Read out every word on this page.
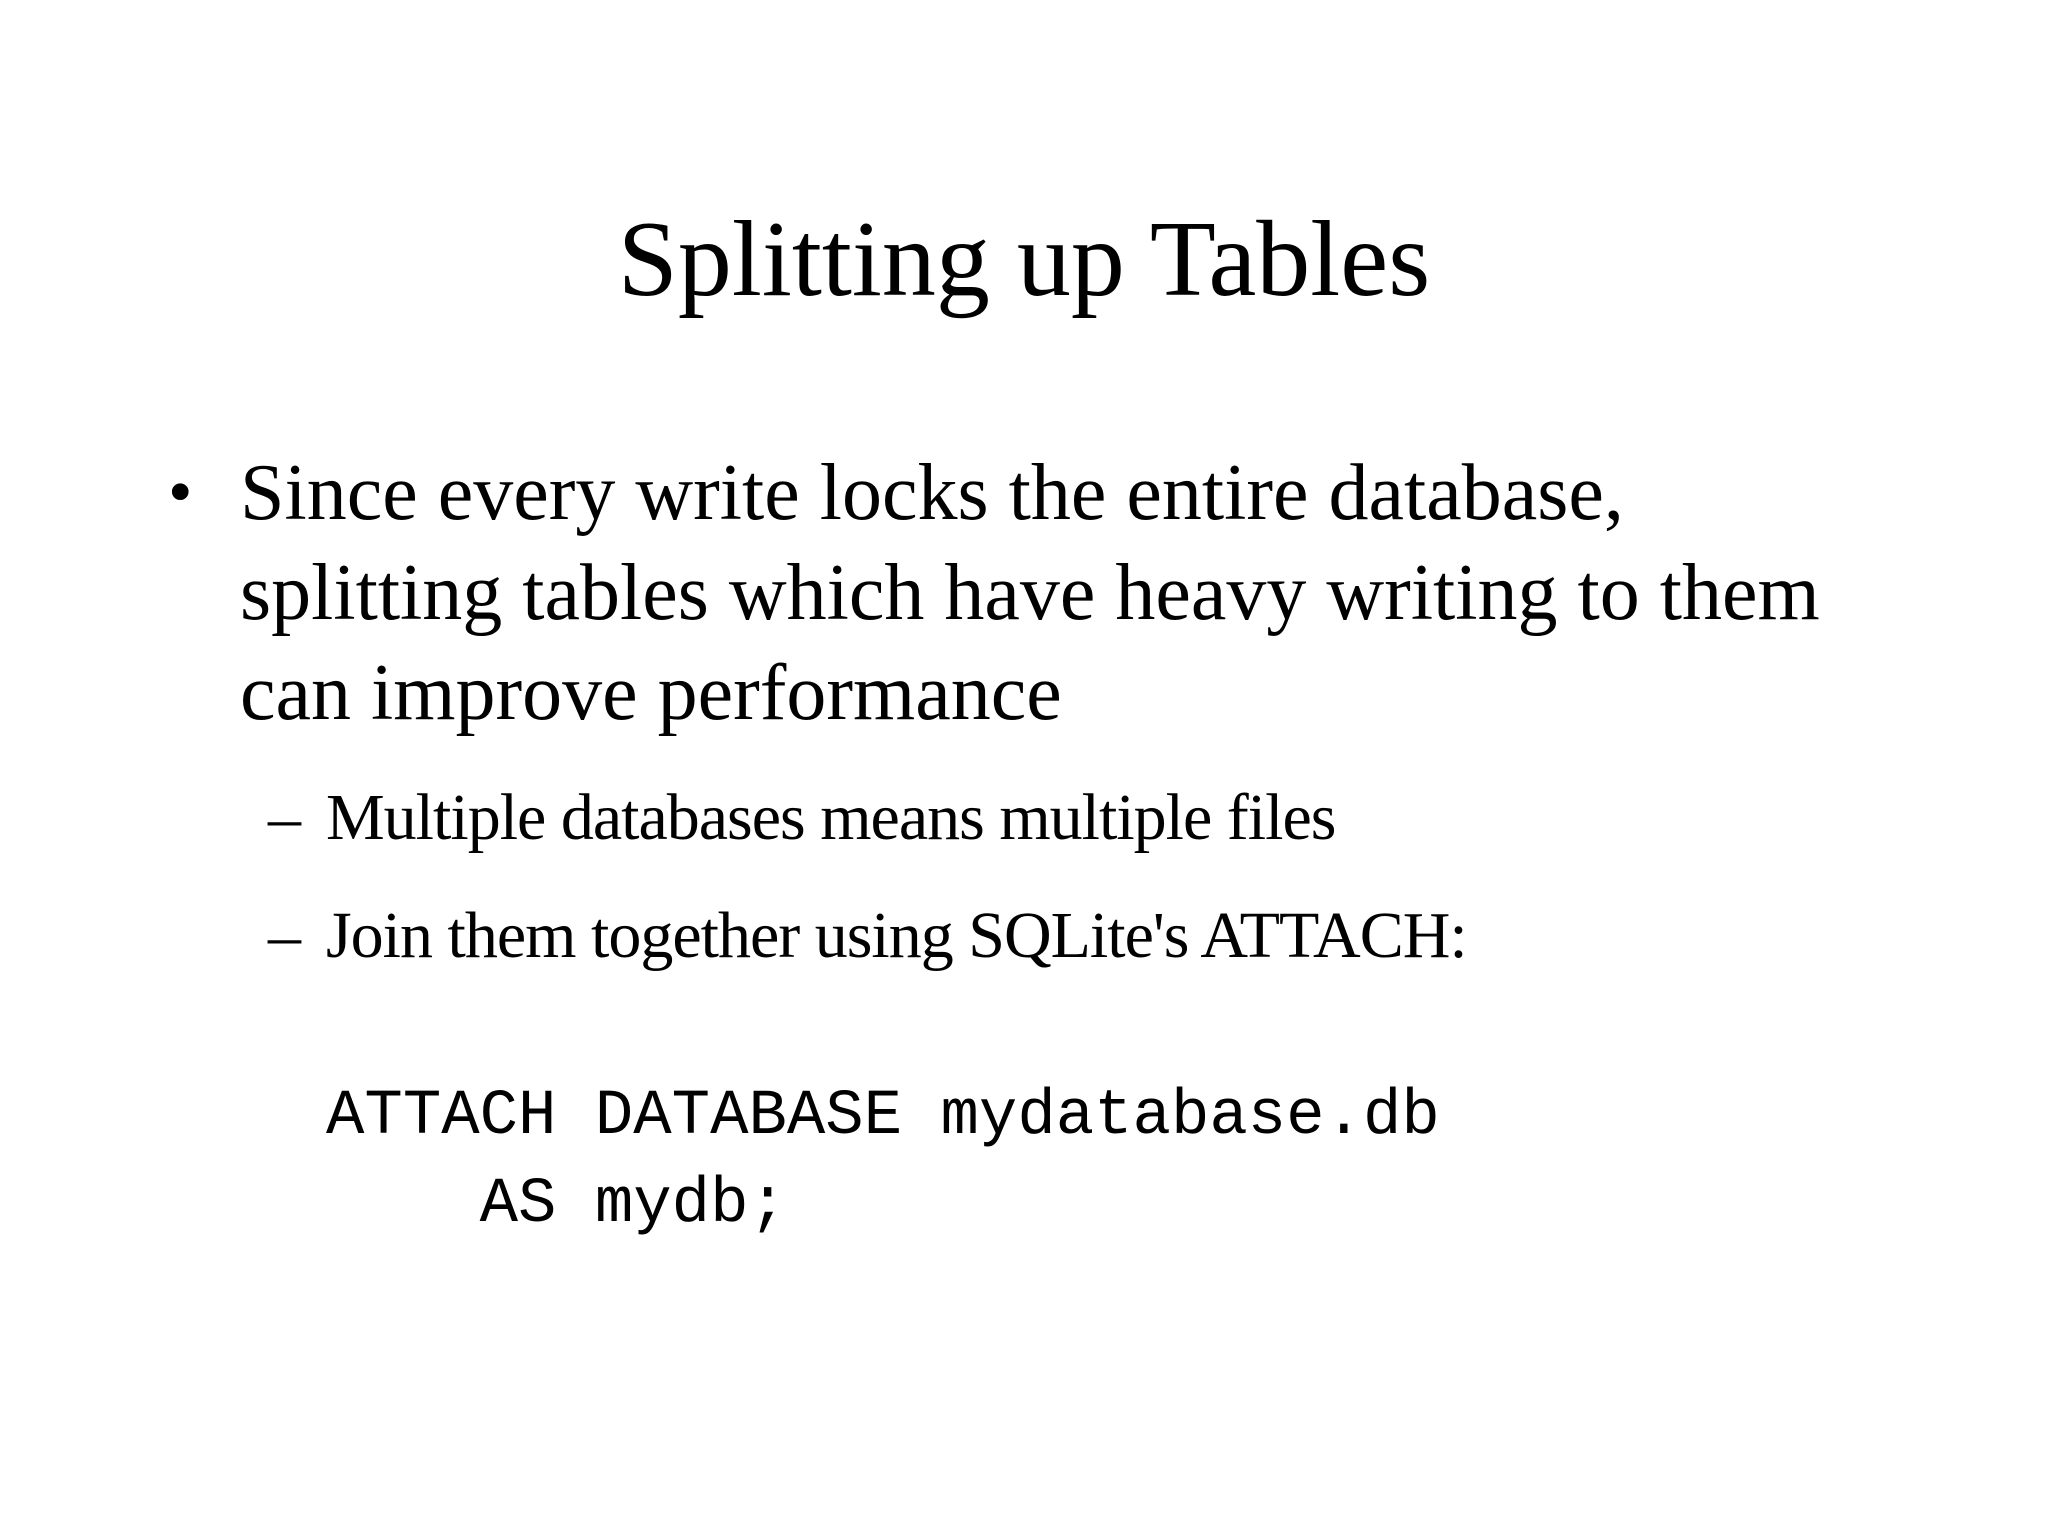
Splitting up Tables
• Since every write locks the entire database,
splitting tables which have heavy writing to them
can improve performance
– Multiple databases means multiple files
– Join them together using SQLite's ATTACH:
ATTACH DATABASE mydatabase.db
AS mydb;
